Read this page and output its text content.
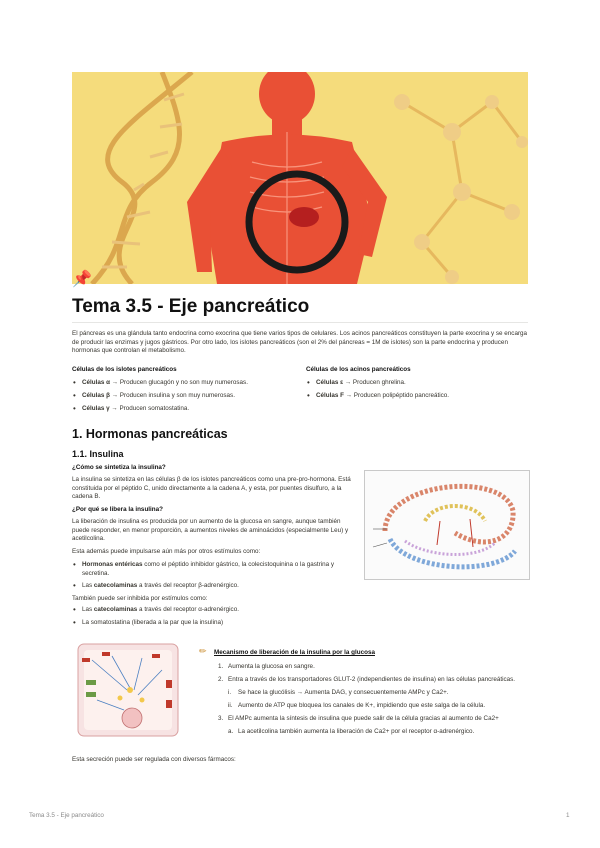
📌
Tema 3.5 - Eje pancreático

El páncreas es una glándula tanto endocrina como exocrina que tiene varios tipos de celulares. Los acinos pancreáticos constituyen la parte exocrina y se encarga de producir las enzimas y jugos gástricos. Por otro lado, los islotes pancreáticos (son el 2% del páncreas = 1M de islotes) son la parte endocrina y producen hormonas que controlan el metabolismo.

Células de los islotes pancreáticos

• Células α → Producen glucagón y no son muy numerosas.
• Células β → Producen insulina y son muy numerosas.
• Células γ → Producen somatostatina.

Células de los acinos pancreáticos

• Células ε → Producen ghrelina.
• Células F → Producen polipéptido pancreático.
1. Hormonas pancreáticas
1.1. Insulina

¿Cómo se sintetiza la insulina?

La insulina se sintetiza en las células β de los islotes pancreáticos como una pre-pro-hormona. Está constituida por el péptido C, unido directamente a la cadena A, y esta, por puentes disulfuro, a la cadena B.

¿Por qué se libera la insulina?

La liberación de insulina es producida por un aumento de la glucosa en sangre, aunque también puede responder, en menor proporción, a aumentos niveles de aminoácidos (especialmente Leu) y acetilcolina.

Esta además puede impulsarse aún más por otros estímulos como:

• Hormonas entéricas como el péptido inhibidor gástrico, la colecistoquinina o la gastrina y secretina.
• Las catecolaminas a través del receptor β-adrenérgico.

También puede ser inhibida por estímulos como:

• Las catecolaminas a través del receptor α-adrenérgico.
• La somatostatina (liberada a la par que la insulina)
✏ Mecanismo de liberación de la insulina por la glucosa

1. Aumenta la glucosa en sangre.
2. Entra a través de los transportadores GLUT-2 (independientes de insulina) en las células pancreáticas.
i. Se hace la glucólisis → Aumenta DAG, y consecuentemente AMPc y Ca2+.
ii. Aumento de ATP que bloquea los canales de K+, impidiendo que este salga de la célula.
3. El AMPc aumenta la síntesis de insulina que puede salir de la célula gracias al aumento de Ca2+
a. La acetilcolina también aumenta la liberación de Ca2+ por el receptor α-adrenérgico.

Esta secreción puede ser regulada con diversos fármacos:

Tema 3.5 - Eje pancreático	1
